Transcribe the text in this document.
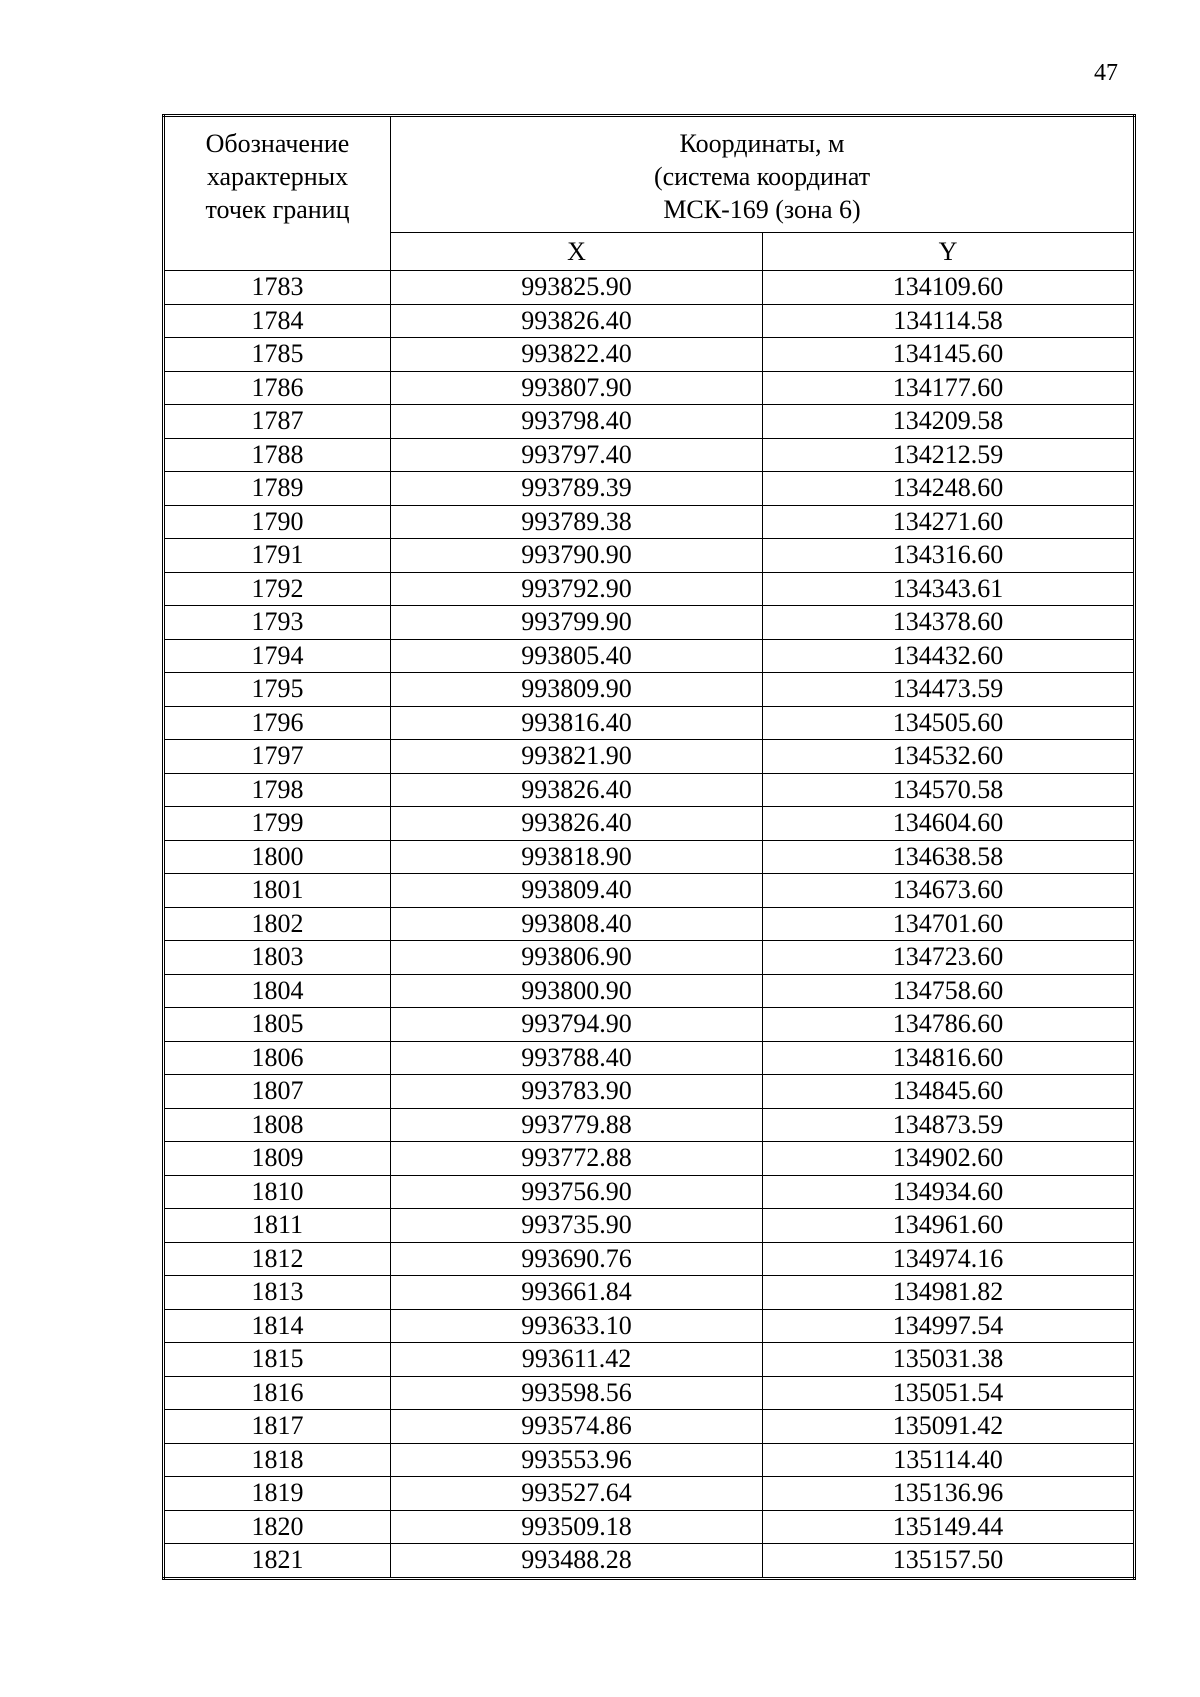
47
Обозначение
характерных
точек границ	Координаты, м
(система координат
МСК-169 (зона 6)	

	X	Y
1783	993825.90	134109.60
1784	993826.40	134114.58
1785	993822.40	134145.60
1786	993807.90	134177.60
1787	993798.40	134209.58
1788	993797.40	134212.59
1789	993789.39	134248.60
1790	993789.38	134271.60
1791	993790.90	134316.60
1792	993792.90	134343.61
1793	993799.90	134378.60
1794	993805.40	134432.60
1795	993809.90	134473.59
1796	993816.40	134505.60
1797	993821.90	134532.60
1798	993826.40	134570.58
1799	993826.40	134604.60
1800	993818.90	134638.58
1801	993809.40	134673.60
1802	993808.40	134701.60
1803	993806.90	134723.60
1804	993800.90	134758.60
1805	993794.90	134786.60
1806	993788.40	134816.60
1807	993783.90	134845.60
1808	993779.88	134873.59
1809	993772.88	134902.60
1810	993756.90	134934.60
1811	993735.90	134961.60
1812	993690.76	134974.16
1813	993661.84	134981.82
1814	993633.10	134997.54
1815	993611.42	135031.38
1816	993598.56	135051.54
1817	993574.86	135091.42
1818	993553.96	135114.40
1819	993527.64	135136.96
1820	993509.18	135149.44
1821	993488.28	135157.50
